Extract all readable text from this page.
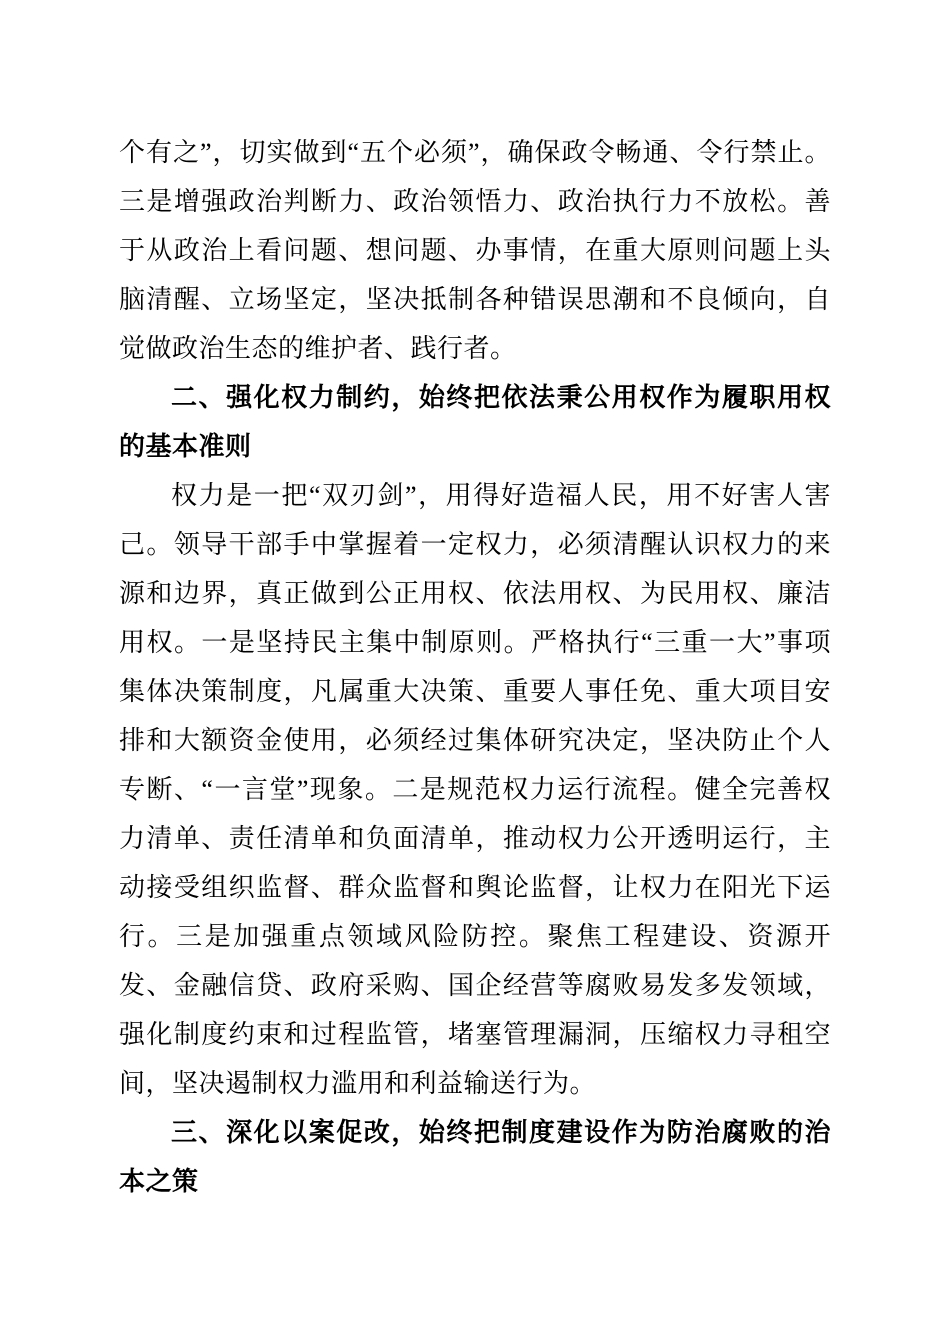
个有之”，切实做到“五个必须”，确保政令畅通、令行禁止。三是增强政治判断力、政治领悟力、政治执行力不放松。善于从政治上看问题、想问题、办事情，在重大原则问题上头脑清醒、立场坚定，坚决抵制各种错误思潮和不良倾向，自觉做政治生态的维护者、践行者。

二、强化权力制约，始终把依法秉公用权作为履职用权的基本准则

权力是一把“双刃剑”，用得好造福人民，用不好害人害己。领导干部手中掌握着一定权力，必须清醒认识权力的来源和边界，真正做到公正用权、依法用权、为民用权、廉洁用权。一是坚持民主集中制原则。严格执行“三重一大”事项集体决策制度，凡属重大决策、重要人事任免、重大项目安排和大额资金使用，必须经过集体研究决定，坚决防止个人专断、“一言堂”现象。二是规范权力运行流程。健全完善权力清单、责任清单和负面清单，推动权力公开透明运行，主动接受组织监督、群众监督和舆论监督，让权力在阳光下运行。三是加强重点领域风险防控。聚焦工程建设、资源开发、金融信贷、政府采购、国企经营等腐败易发多发领域，强化制度约束和过程监管，堵塞管理漏洞，压缩权力寻租空间，坚决遏制权力滥用和利益输送行为。

三、深化以案促改，始终把制度建设作为防治腐败的治本之策
